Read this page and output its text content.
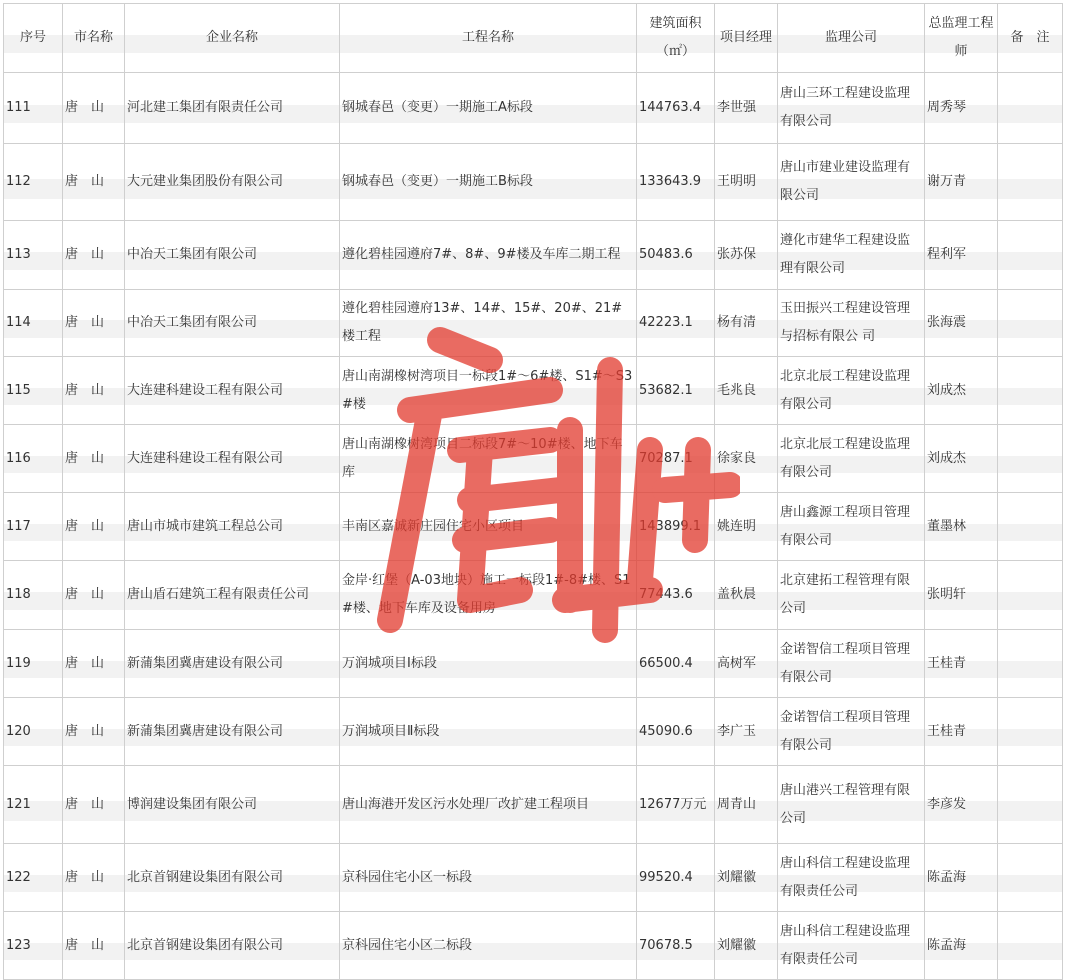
序号	市名称	企业名称	工程名称	建筑面积（㎡）	项目经理	监理公司	总监理工程师	备　注

111	唐　山	河北建工集团有限责任公司	钢城春邑（变更）一期施工A标段	144763.4	李世强	唐山三环工程建设监理有限公司	周秀琴	

112	唐　山	大元建业集团股份有限公司	钢城春邑（变更）一期施工B标段	133643.9	王明明	唐山市建业建设监理有限公司	谢万青	

113	唐　山	中冶天工集团有限公司	遵化碧桂园遵府7#、8#、9#楼及车库二期工程	50483.6	张苏保	遵化市建华工程建设监理有限公司	程利军	

114	唐　山	中冶天工集团有限公司	遵化碧桂园遵府13#、14#、15#、20#、21#楼工程	42223.1	杨有清	玉田振兴工程建设管理与招标有限公 司	张海震	

115	唐　山	大连建科建设工程有限公司	唐山南湖橡树湾项目一标段1#～6#楼、S1#～S3#楼	53682.1	毛兆良	北京北辰工程建设监理有限公司	刘成杰	

116	唐　山	大连建科建设工程有限公司	唐山南湖橡树湾项目二标段7#～10#楼、地下车库	70287.1	徐家良	北京北辰工程建设监理有限公司	刘成杰	

117	唐　山	唐山市城市建筑工程总公司	丰南区嘉诚新庄园住宅小区项目	143899.1	姚连明	唐山鑫源工程项目管理有限公司	董墨林	

118	唐　山	唐山盾石建筑工程有限责任公司	金岸·红堡（A-03地块）施工一标段1#-8#楼、S1#楼、地下车库及设备用房	77443.6	盖秋晨	北京建拓工程管理有限公司	张明轩	

119	唐　山	新蒲集团冀唐建设有限公司	万润城项目Ⅰ标段	66500.4	高树军	金诺智信工程项目管理有限公司	王桂青	

120	唐　山	新蒲集团冀唐建设有限公司	万润城项目Ⅱ标段	45090.6	李广玉	金诺智信工程项目管理有限公司	王桂青	

121	唐　山	博润建设集团有限公司	唐山海港开发区污水处理厂改扩建工程项目	12677万元	周青山	唐山港兴工程管理有限公司	李彦发	

122	唐　山	北京首钢建设集团有限公司	京科园住宅小区一标段	99520.4	刘耀徽	唐山科信工程建设监理有限责任公司	陈孟海	

123	唐　山	北京首钢建设集团有限公司	京科园住宅小区二标段	70678.5	刘耀徽	唐山科信工程建设监理有限责任公司	陈孟海	
